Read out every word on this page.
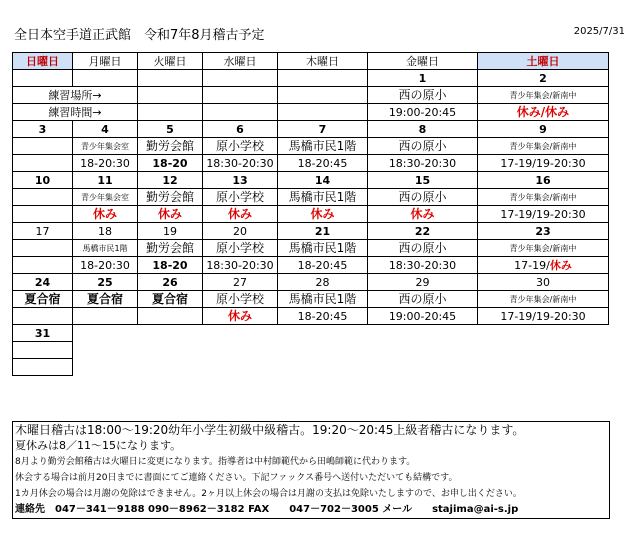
全日本空手道正武館　令和7年8月稽古予定	2025/7/31
日曜日	月曜日	火曜日	水曜日	木曜日	金曜日	土曜日
					1	2
練習場所→					西の原小	青少年集会/新南中
練習時間→					19:00-20:45	休み/休み
3	4	5	6	7	8	9
	青少年集会室	勤労会館	原小学校	馬橋市民1階	西の原小	青少年集会/新南中
	18-20:30	18-20	18:30-20:30	18-20:45	18:30-20:30	17-19/19-20:30
10	11	12	13	14	15	16
	青少年集会室	勤労会館	原小学校	馬橋市民1階	西の原小	青少年集会/新南中
	休み	休み	休み	休み	休み	17-19/19-20:30
17	18	19	20	21	22	23
	馬橋市民1階	勤労会館	原小学校	馬橋市民1階	西の原小	青少年集会/新南中
	18-20:30	18-20	18:30-20:30	18-20:45	18:30-20:30	17-19/休み
24	25	26	27	28	29	30
夏合宿	夏合宿	夏合宿	原小学校	馬橋市民1階	西の原小	青少年集会/新南中
			休み	18-20:45	19:00-20:45	17-19/19-20:30
31						

木曜日稽古は18:00～19:20幼年小学生初級中級稽古。19:20～20:45上級者稽古になります。
夏休みは8／11～15になります。
8月より勤労会館稽古は火曜日に変更になります。指導者は中村師範代から田嶋師範に代わります。
休会する場合は前月20日までに書面にてご連絡ください。下記ファックス番号へ送付いただいても結構です。
1カ月休会の場合は月謝の免除はできません。2ヶ月以上休会の場合は月謝の支払は免除いたしますので、お申し出ください。
連絡先　047－341－9188 090－8962－3182 FAX　　047－702－3005 メール　　stajima@ai-s.jp
